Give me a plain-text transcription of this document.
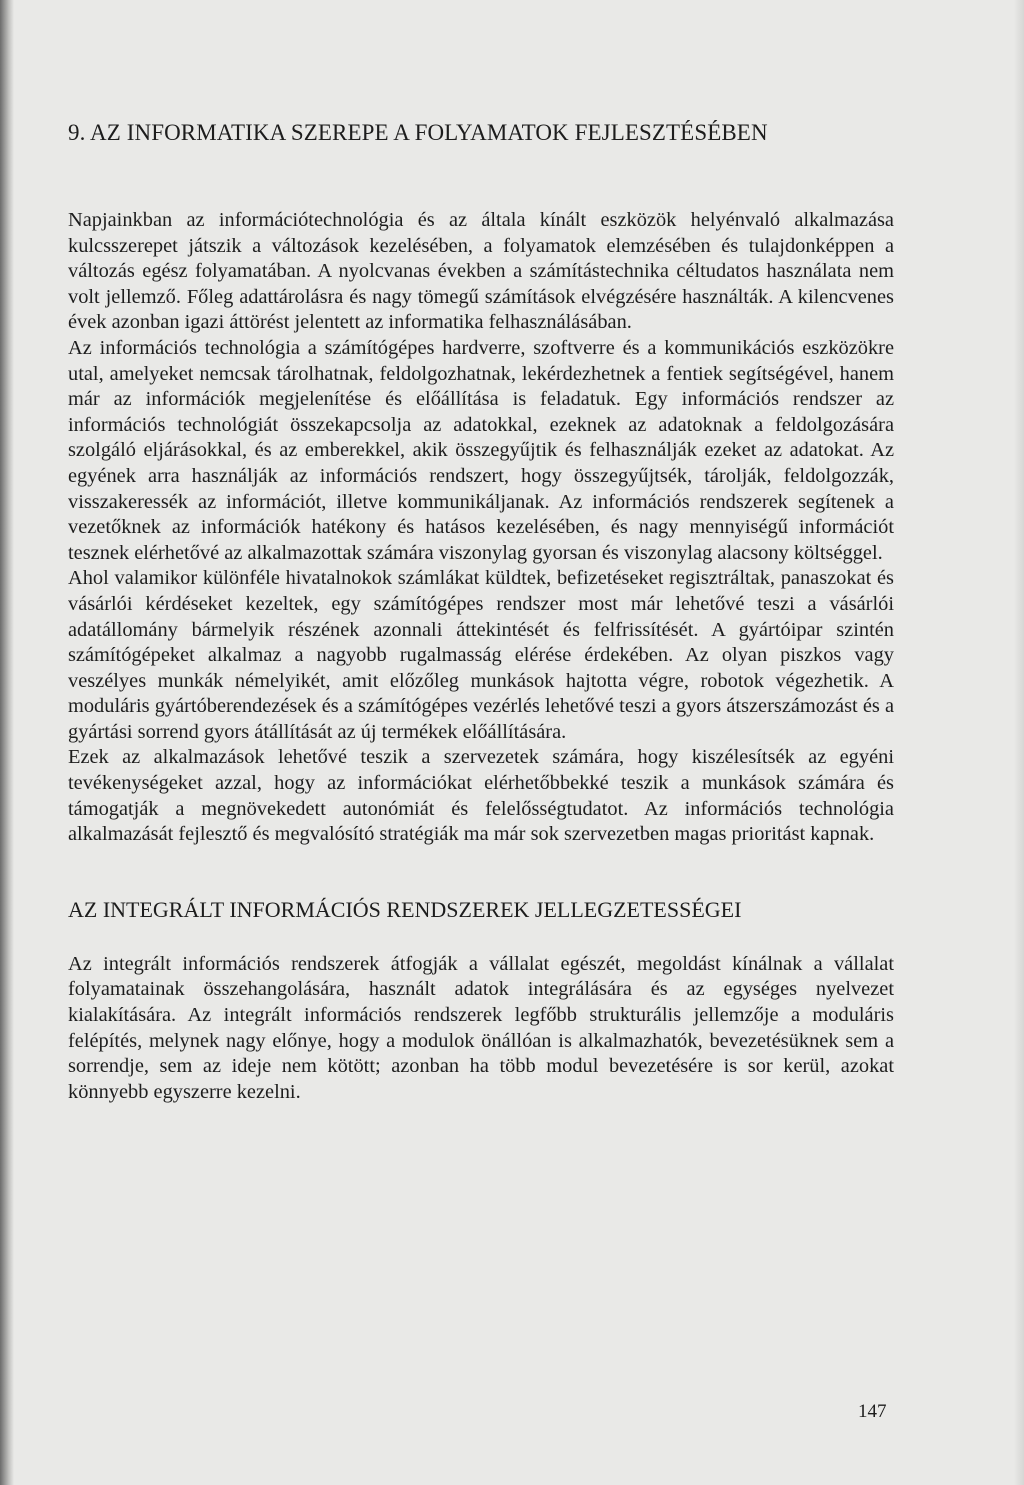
9. AZ INFORMATIKA SZEREPE A FOLYAMATOK FEJLESZTÉSÉBEN

Napjainkban az információtechnológia és az általa kínált eszközök helyénvaló alkalmazása kulcsszerepet játszik a változások kezelésében, a folyamatok elemzésében és tulajdonképpen a változás egész folyamatában. A nyolcvanas években a számítástechnika céltudatos használata nem volt jellemző. Főleg adattárolásra és nagy tömegű számítások elvégzésére használták. A kilencvenes évek azonban igazi áttörést jelentett az informatika felhasználásában.

Az információs technológia a számítógépes hardverre, szoftverre és a kommunikációs eszközökre utal, amelyeket nemcsak tárolhatnak, feldolgozhatnak, lekérdezhetnek a fentiek segítségével, hanem már az információk megjelenítése és előállítása is feladatuk. Egy információs rendszer az információs technológiát összekapcsolja az adatokkal, ezeknek az adatoknak a feldolgozására szolgáló eljárásokkal, és az emberekkel, akik összegyűjtik és felhasználják ezeket az adatokat. Az egyének arra használják az információs rendszert, hogy összegyűjtsék, tárolják, feldolgozzák, visszakeressék az információt, illetve kommunikáljanak. Az információs rendszerek segítenek a vezetőknek az információk hatékony és hatásos kezelésében, és nagy mennyiségű információt tesznek elérhetővé az alkalmazottak számára viszonylag gyorsan és viszonylag alacsony költséggel.

Ahol valamikor különféle hivatalnokok számlákat küldtek, befizetéseket regisztráltak, panaszokat és vásárlói kérdéseket kezeltek, egy számítógépes rendszer most már lehetővé teszi a vásárlói adatállomány bármelyik részének azonnali áttekintését és felfrissítését. A gyártóipar szintén számítógépeket alkalmaz a nagyobb rugalmasság elérése érdekében. Az olyan piszkos vagy veszélyes munkák némelyikét, amit előzőleg munkások hajtotta végre, robotok végezhetik. A moduláris gyártóberendezések és a számítógépes vezérlés lehetővé teszi a gyors átszerszámozást és a gyártási sorrend gyors átállítását az új termékek előállítására.

Ezek az alkalmazások lehetővé teszik a szervezetek számára, hogy kiszélesítsék az egyéni tevékenységeket azzal, hogy az információkat elérhetőbbekké teszik a munkások számára és támogatják a megnövekedett autonómiát és felelősségtudatot. Az információs technológia alkalmazását fejlesztő és megvalósító stratégiák ma már sok szervezetben magas prioritást kapnak.

AZ INTEGRÁLT INFORMÁCIÓS RENDSZEREK JELLEGZETESSÉGEI

Az integrált információs rendszerek átfogják a vállalat egészét, megoldást kínálnak a vállalat folyamatainak összehangolására, használt adatok integrálására és az egységes nyelvezet kialakítására. Az integrált információs rendszerek legfőbb strukturális jellemzője a moduláris felépítés, melynek nagy előnye, hogy a modulok önállóan is alkalmazhatók, bevezetésüknek sem a sorrendje, sem az ideje nem kötött; azonban ha több modul bevezetésére is sor kerül, azokat könnyebb egyszerre kezelni.

147
